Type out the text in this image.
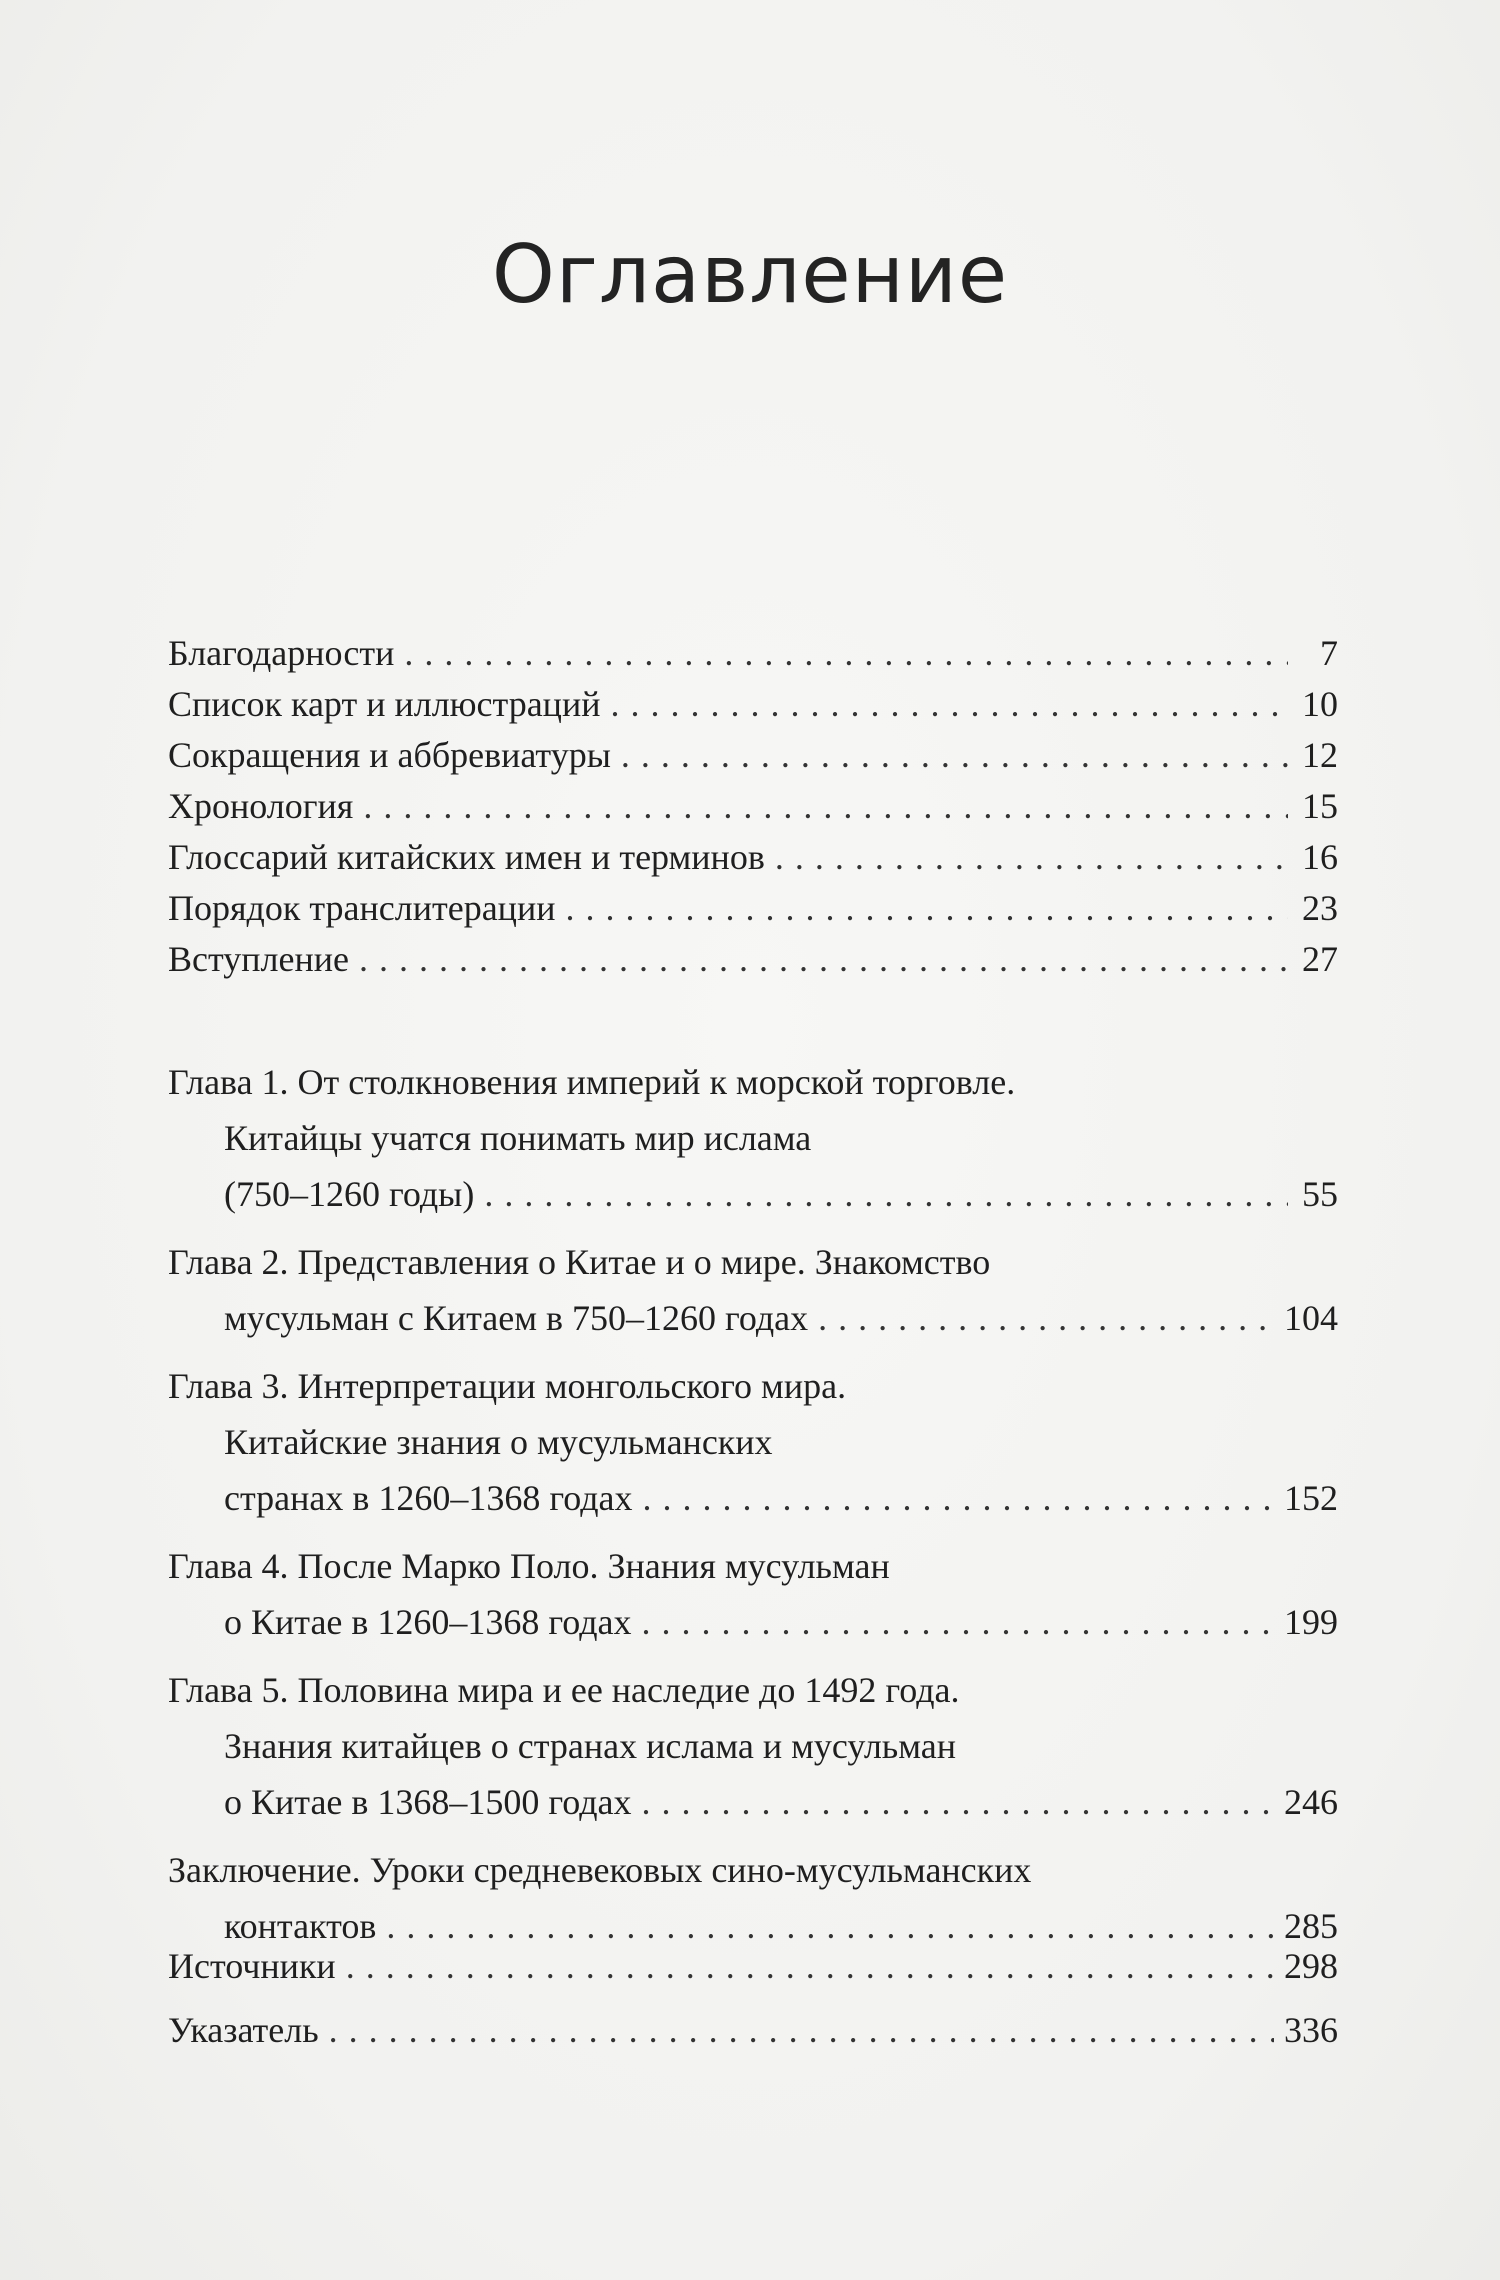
Оглавление
Благодарности . . .	7
Список карт и иллюстраций . . .	10
Сокращения и аббревиатуры . . .	12
Хронология . . .	15
Глоссарий китайских имен и терминов . . .	16
Порядок транслитерации . . .	23
Вступление . . .	27
Глава 1. От столкновения империй к морской торговле.
Китайцы учатся понимать мир ислама
(750–1260 годы) . . .	55
Глава 2. Представления о Китае и о мире. Знакомство
мусульман с Китаем в 750–1260 годах . . .	104
Глава 3. Интерпретации монгольского мира.
Китайские знания о мусульманских
странах в 1260–1368 годах . . .	152
Глава 4. После Марко Поло. Знания мусульман
о Китае в 1260–1368 годах . . .	199
Глава 5. Половина мира и ее наследие до 1492 года.
Знания китайцев о странах ислама и мусульман
о Китае в 1368–1500 годах . . .	246
Заключение. Уроки средневековых сино-мусульманских
контактов . . .	285
Источники . . .	298
Указатель . . .	336
